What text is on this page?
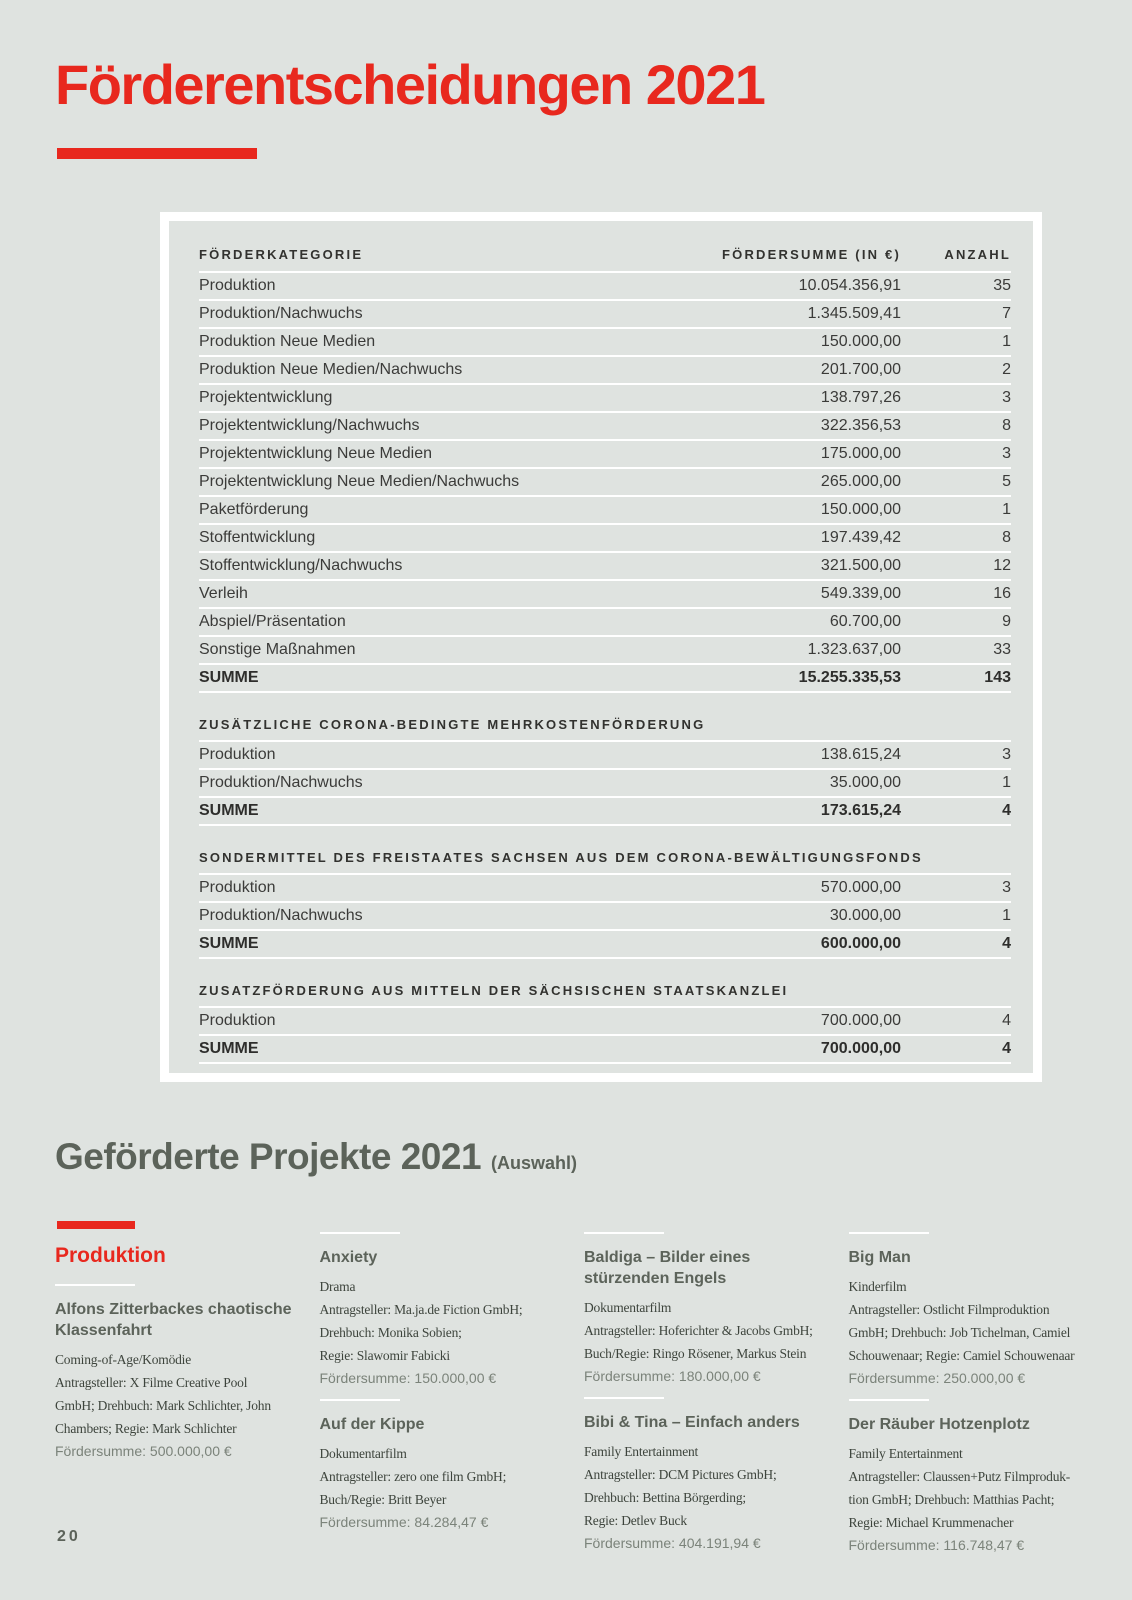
Förderentscheidungen 2021
FÖRDERKATEGORIE	FÖRDERSUMME (IN €)	ANZAHL
Produktion	10.054.356,91	35
Produktion/Nachwuchs	1.345.509,41	7
Produktion Neue Medien	150.000,00	1
Produktion Neue Medien/Nachwuchs	201.700,00	2
Projektentwicklung	138.797,26	3
Projektentwicklung/Nachwuchs	322.356,53	8
Projektentwicklung Neue Medien	175.000,00	3
Projektentwicklung Neue Medien/Nachwuchs	265.000,00	5
Paketförderung	150.000,00	1
Stoffentwicklung	197.439,42	8
Stoffentwicklung/Nachwuchs	321.500,00	12
Verleih	549.339,00	16
Abspiel/Präsentation	60.700,00	9
Sonstige Maßnahmen	1.323.637,00	33
SUMME	15.255.335,53	143
ZUSÄTZLICHE CORONA-BEDINGTE MEHRKOSTENFÖRDERUNG
Produktion	138.615,24	3
Produktion/Nachwuchs	35.000,00	1
SUMME	173.615,24	4
SONDERMITTEL DES FREISTAATES SACHSEN AUS DEM CORONA-BEWÄLTIGUNGSFONDS
Produktion	570.000,00	3
Produktion/Nachwuchs	30.000,00	1
SUMME	600.000,00	4
ZUSATZFÖRDERUNG AUS MITTELN DER SÄCHSISCHEN STAATSKANZLEI
Produktion	700.000,00	4
SUMME	700.000,00	4
Geförderte Projekte 2021 (Auswahl)
Produktion
Alfons Zitterbackes chaotische
Klassenfahrt
Coming-of-Age/Komödie
Antragsteller: X Filme Creative Pool
GmbH; Drehbuch: Mark Schlichter, John
Chambers; Regie: Mark Schlichter
Fördersumme: 500.000,00 €
Anxiety
Drama
Antragsteller: Ma.ja.de Fiction GmbH;
Drehbuch: Monika Sobien;
Regie: Slawomir Fabicki
Fördersumme: 150.000,00 €
Auf der Kippe
Dokumentarfilm
Antragsteller: zero one film GmbH;
Buch/Regie: Britt Beyer
Fördersumme: 84.284,47 €
Baldiga – Bilder eines
stürzenden Engels
Dokumentarfilm
Antragsteller: Hoferichter & Jacobs GmbH;
Buch/Regie: Ringo Rösener, Markus Stein
Fördersumme: 180.000,00 €
Bibi & Tina – Einfach anders
Family Entertainment
Antragsteller: DCM Pictures GmbH;
Drehbuch: Bettina Börgerding;
Regie: Detlev Buck
Fördersumme: 404.191,94 €
Big Man
Kinderfilm
Antragsteller: Ostlicht Filmproduktion
GmbH; Drehbuch: Job Tichelman, Camiel
Schouwenaar; Regie: Camiel Schouwenaar
Fördersumme: 250.000,00 €
Der Räuber Hotzenplotz
Family Entertainment
Antragsteller: Claussen+Putz Filmproduk-
tion GmbH; Drehbuch: Matthias Pacht;
Regie: Michael Krummenacher
Fördersumme: 116.748,47 €
20
